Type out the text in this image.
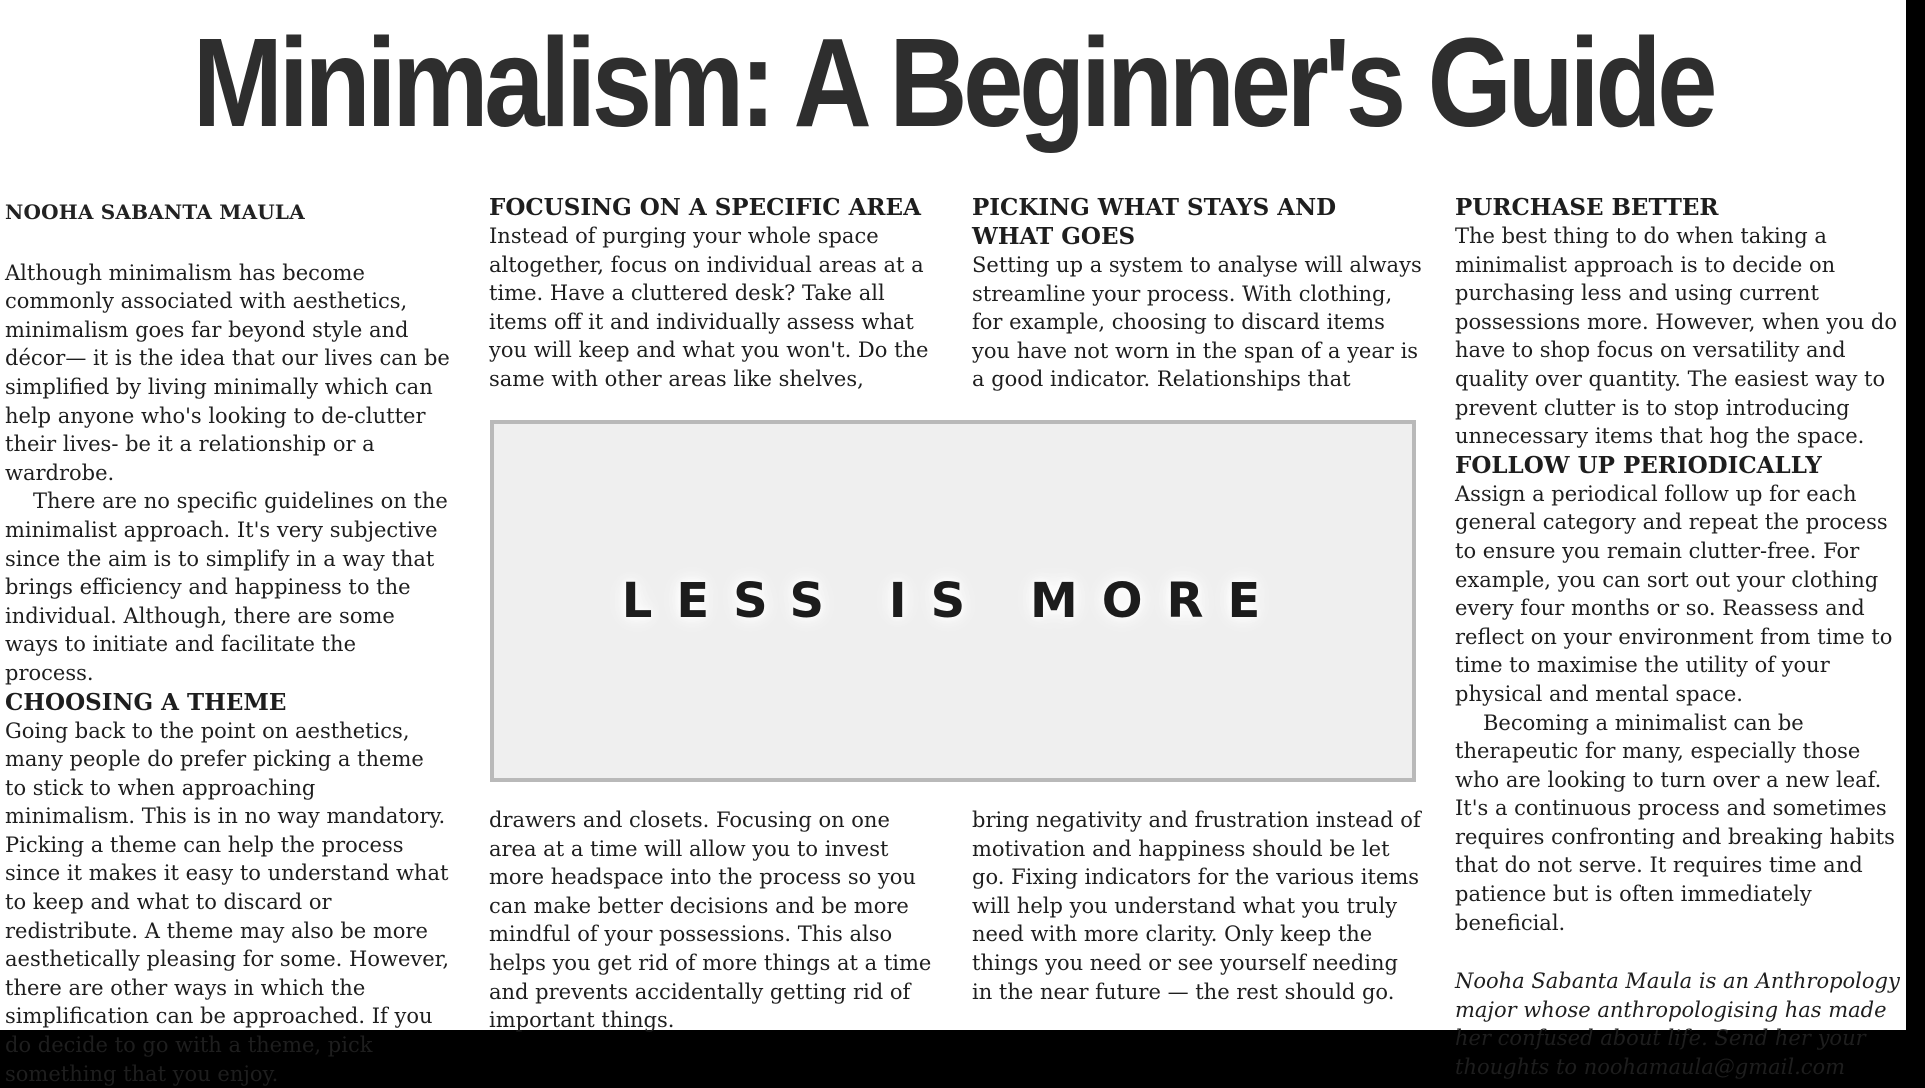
Minimalism: A Beginner's Guide
NOOHA SABANTA MAULA

Although minimalism has become commonly associated with aesthetics, minimalism goes far beyond style and décor— it is the idea that our lives can be simplified by living minimally which can help anyone who's looking to de-clutter their lives- be it a relationship or a wardrobe.

There are no specific guidelines on the minimalist approach. It's very subjective since the aim is to simplify in a way that brings efficiency and happiness to the individual. Although, there are some ways to initiate and facilitate the process.

CHOOSING A THEME

Going back to the point on aesthetics, many people do prefer picking a theme to stick to when approaching minimalism. This is in no way mandatory. Picking a theme can help the process since it makes it easy to understand what to keep and what to discard or redistribute. A theme may also be more aesthetically pleasing for some. However, there are other ways in which the simplification can be approached. If you do decide to go with a theme, pick something that you enjoy.

FOCUSING ON A SPECIFIC AREA

Instead of purging your whole space altogether, focus on individual areas at a time. Have a cluttered desk? Take all items off it and individually assess what you will keep and what you won't. Do the same with other areas like shelves,

PICKING WHAT STAYS AND WHAT GOES

Setting up a system to analyse will always streamline your process. With clothing, for example, choosing to discard items you have not worn in the span of a year is a good indicator. Relationships that

LESS IS MORE

drawers and closets. Focusing on one area at a time will allow you to invest more headspace into the process so you can make better decisions and be more mindful of your possessions. This also helps you get rid of more things at a time and prevents accidentally getting rid of important things.

bring negativity and frustration instead of motivation and happiness should be let go. Fixing indicators for the various items will help you understand what you truly need with more clarity. Only keep the things you need or see yourself needing in the near future — the rest should go.

PURCHASE BETTER

The best thing to do when taking a minimalist approach is to decide on purchasing less and using current possessions more. However, when you do have to shop focus on versatility and quality over quantity. The easiest way to prevent clutter is to stop introducing unnecessary items that hog the space.

FOLLOW UP PERIODICALLY

Assign a periodical follow up for each general category and repeat the process to ensure you remain clutter-free. For example, you can sort out your clothing every four months or so. Reassess and reflect on your environment from time to time to maximise the utility of your physical and mental space.

Becoming a minimalist can be therapeutic for many, especially those who are looking to turn over a new leaf. It's a continuous process and sometimes requires confronting and breaking habits that do not serve. It requires time and patience but is often immediately beneficial.

Nooha Sabanta Maula is an Anthropology major whose anthropologising has made her confused about life. Send her your thoughts to noohamaula@gmail.com
